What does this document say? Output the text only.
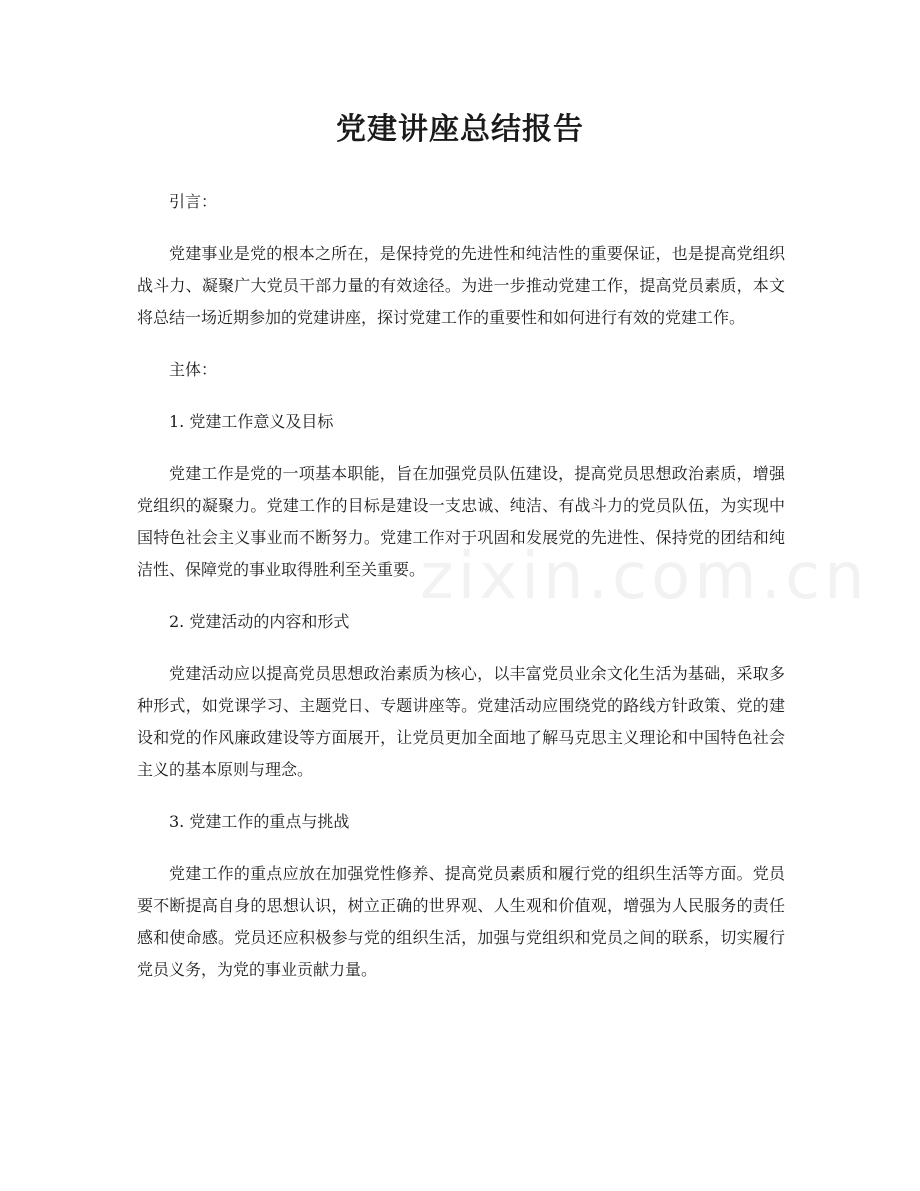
党建讲座总结报告

引言：

党建事业是党的根本之所在，是保持党的先进性和纯洁性的重要保证，也是提高党组织战斗力、凝聚广大党员干部力量的有效途径。为进一步推动党建工作，提高党员素质，本文将总结一场近期参加的党建讲座，探讨党建工作的重要性和如何进行有效的党建工作。

主体：

1. 党建工作意义及目标

党建工作是党的一项基本职能，旨在加强党员队伍建设，提高党员思想政治素质，增强党组织的凝聚力。党建工作的目标是建设一支忠诚、纯洁、有战斗力的党员队伍，为实现中国特色社会主义事业而不断努力。党建工作对于巩固和发展党的先进性、保持党的团结和纯洁性、保障党的事业取得胜利至关重要。

2. 党建活动的内容和形式

党建活动应以提高党员思想政治素质为核心，以丰富党员业余文化生活为基础，采取多种形式，如党课学习、主题党日、专题讲座等。党建活动应围绕党的路线方针政策、党的建设和党的作风廉政建设等方面展开，让党员更加全面地了解马克思主义理论和中国特色社会主义的基本原则与理念。

3. 党建工作的重点与挑战

党建工作的重点应放在加强党性修养、提高党员素质和履行党的组织生活等方面。党员要不断提高自身的思想认识，树立正确的世界观、人生观和价值观，增强为人民服务的责任感和使命感。党员还应积极参与党的组织生活，加强与党组织和党员之间的联系，切实履行党员义务，为党的事业贡献力量。

zixin.com.cn
